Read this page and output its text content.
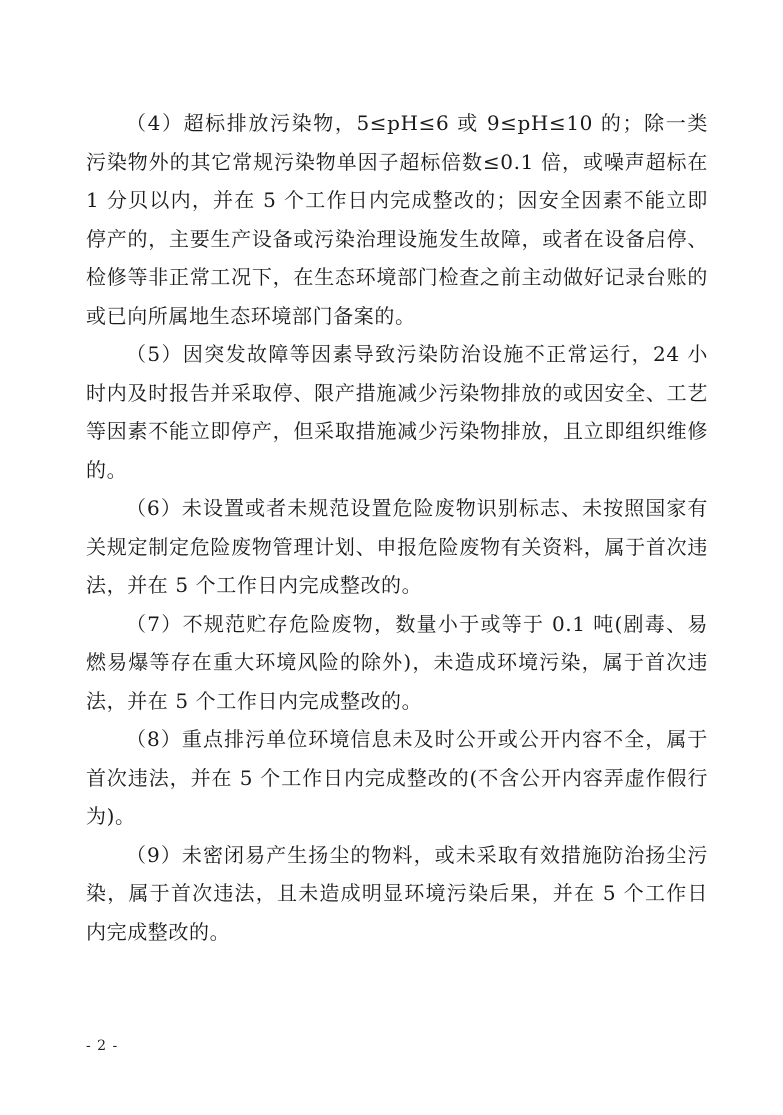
（4）超标排放污染物，5≤pH≤6 或 9≤pH≤10 的；除一类污染物外的其它常规污染物单因子超标倍数≤0.1 倍，或噪声超标在 1 分贝以内，并在 5 个工作日内完成整改的；因安全因素不能立即停产的，主要生产设备或污染治理设施发生故障，或者在设备启停、检修等非正常工况下，在生态环境部门检查之前主动做好记录台账的或已向所属地生态环境部门备案的。

（5）因突发故障等因素导致污染防治设施不正常运行，24 小时内及时报告并采取停、限产措施减少污染物排放的或因安全、工艺等因素不能立即停产，但采取措施减少污染物排放，且立即组织维修的。

（6）未设置或者未规范设置危险废物识别标志、未按照国家有关规定制定危险废物管理计划、申报危险废物有关资料，属于首次违法，并在 5 个工作日内完成整改的。

（7）不规范贮存危险废物，数量小于或等于 0.1 吨(剧毒、易燃易爆等存在重大环境风险的除外)，未造成环境污染，属于首次违法，并在 5 个工作日内完成整改的。

（8）重点排污单位环境信息未及时公开或公开内容不全，属于首次违法，并在 5 个工作日内完成整改的(不含公开内容弄虚作假行为)。

（9）未密闭易产生扬尘的物料，或未采取有效措施防治扬尘污染，属于首次违法，且未造成明显环境污染后果，并在 5 个工作日内完成整改的。

- 2 -
